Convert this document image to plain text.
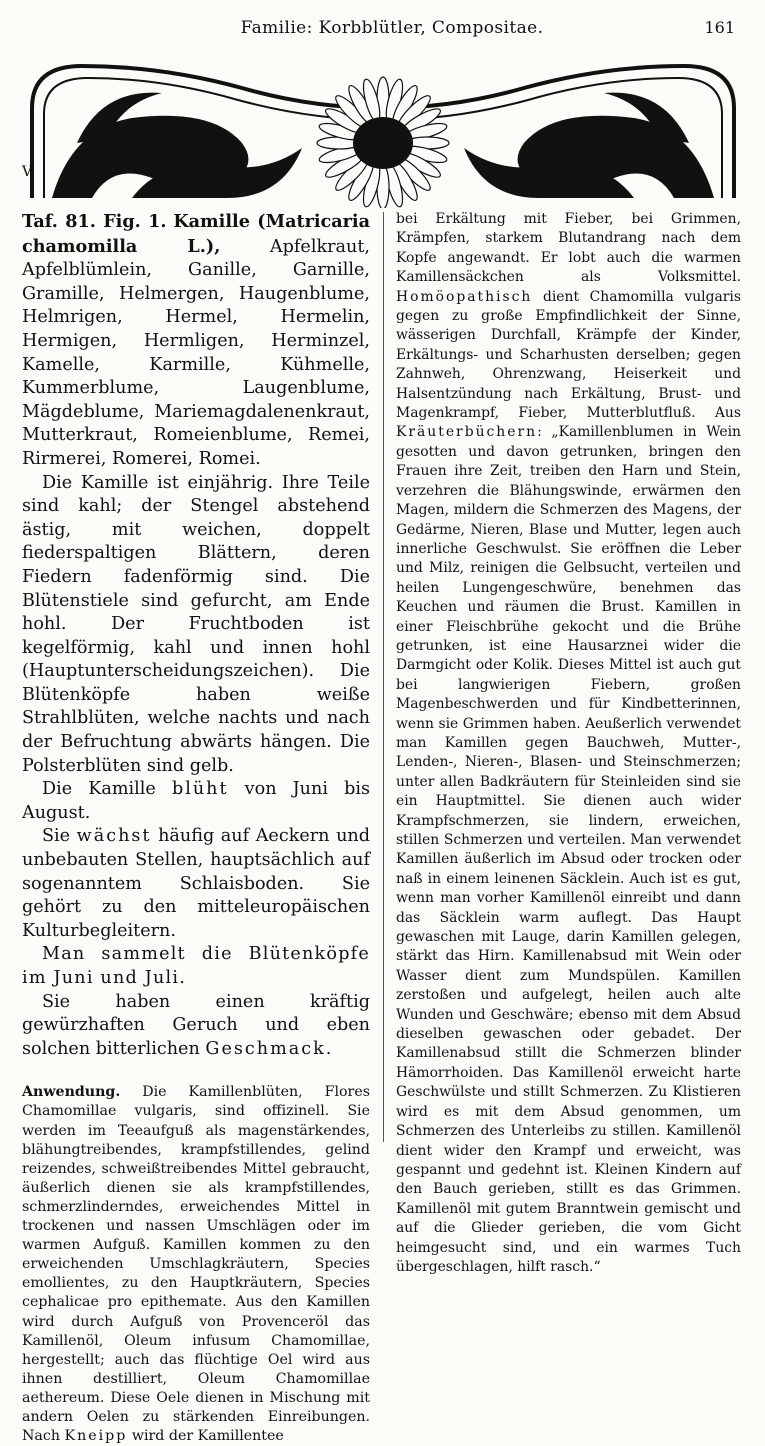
Familie: Korbblütler, Compositae.	161
V.

Taf. 81. Fig. 1. Kamille (Matricaria chamomilla L.),	Apfelkraut, Apfelblümlein, Ganille, Garnille, Gramille, Helmergen, Haugenblume, Helmrigen, Hermel, Hermelin, Hermigen, Hermligen, Herminzel, Kamelle, Karmille, Kühmelle, Kummerblume, Laugenblume, Mägdeblume, Mariemagdalenenkraut, Mutterkraut, Romeienblume, Remei, Rirmerei, Romerei, Romei.

Die Kamille ist einjährig. Ihre Teile sind kahl; der Stengel abstehend ästig, mit weichen, doppelt fiederspaltigen Blättern, deren Fiedern fadenförmig sind. Die Blütenstiele sind gefurcht, am Ende hohl. Der Fruchtboden ist kegelförmig, kahl und innen hohl (Hauptunterscheidungszeichen). Die Blütenköpfe haben weiße Strahlblüten, welche nachts und nach der Befruchtung abwärts hängen. Die Polsterblüten sind gelb.

Die Kamille blüht von Juni bis August.

Sie wächst häufig auf Aeckern und unbebauten Stellen, hauptsächlich auf sogenanntem Schlaisboden. Sie gehört zu den mitteleuropäischen Kulturbegleitern.

Man sammelt die Blütenköpfe im Juni und Juli.

Sie haben einen kräftig gewürzhaften Geruch und eben solchen bitterlichen Geschmack.

Anwendung. Die Kamillenblüten, Flores Chamomillae vulgaris, sind offizinell. Sie werden im Teeaufguß als magenstärkendes, blähungtreibendes, krampfstillendes, gelind reizendes, schweißtreibendes Mittel gebraucht, äußerlich dienen sie als krampfstillendes, schmerzlinderndes, erweichendes Mittel in trockenen und nassen Umschlägen oder im warmen Aufguß. Kamillen kommen zu den erweichenden Umschlagkräutern, Species emollientes, zu den Hauptkräutern, Species cephalicae pro epithemate. Aus den Kamillen wird durch Aufguß von Provenceröl das Kamillenöl, Oleum infusum Chamomillae, hergestellt; auch das flüchtige Oel wird aus ihnen destilliert, Oleum Chamomillae aethereum. Diese Oele dienen in Mischung mit andern Oelen zu stärkenden Einreibungen. Nach Kneipp wird der Kamillentee

bei Erkältung mit Fieber, bei Grimmen, Krämpfen, starkem Blutandrang nach dem Kopfe angewandt. Er lobt auch die warmen Kamillensäckchen als Volksmittel. Homöopathisch dient Chamomilla vulgaris gegen zu große Empfindlichkeit der Sinne, wässerigen Durchfall, Krämpfe der Kinder, Erkältungs- und Scharhusten derselben; gegen Zahnweh, Ohrenzwang, Heiserkeit und Halsentzündung nach Erkältung, Brust- und Magenkrampf, Fieber, Mutterblutfluß. Aus Kräuterbüchern: „Kamillenblumen in Wein gesotten und davon getrunken, bringen den Frauen ihre Zeit, treiben den Harn und Stein, verzehren die Blähungswinde, erwärmen den Magen, mildern die Schmerzen des Magens, der Gedärme, Nieren, Blase und Mutter, legen auch innerliche Geschwulst. Sie eröffnen die Leber und Milz, reinigen die Gelbsucht, verteilen und heilen Lungengeschwüre, benehmen das Keuchen und räumen die Brust. Kamillen in einer Fleischbrühe gekocht und die Brühe getrunken, ist eine Hausarznei wider die Darmgicht oder Kolik. Dieses Mittel ist auch gut bei langwierigen Fiebern, großen Magenbeschwerden und für Kindbetterinnen, wenn sie Grimmen haben. Aeußerlich verwendet man Kamillen gegen Bauchweh, Mutter-, Lenden-, Nieren-, Blasen- und Steinschmerzen; unter allen Badkräutern für Steinleiden sind sie ein Hauptmittel. Sie dienen auch wider Krampfschmerzen, sie lindern, erweichen, stillen Schmerzen und verteilen. Man verwendet Kamillen äußerlich im Absud oder trocken oder naß in einem leinenen Säcklein. Auch ist es gut, wenn man vorher Kamillenöl einreibt und dann das Säcklein warm auflegt. Das Haupt gewaschen mit Lauge, darin Kamillen gelegen, stärkt das Hirn. Kamillenabsud mit Wein oder Wasser dient zum Mundspülen. Kamillen zerstoßen und aufgelegt, heilen auch alte Wunden und Geschwäre; ebenso mit dem Absud dieselben gewaschen oder gebadet. Der Kamillenabsud stillt die Schmerzen blinder Hämorrhoiden. Das Kamillenöl erweicht harte Geschwülste und stillt Schmerzen. Zu Klistieren wird es mit dem Absud genommen, um Schmerzen des Unterleibs zu stillen. Kamillenöl dient wider den Krampf und erweicht, was gespannt und gedehnt ist. Kleinen Kindern auf den Bauch gerieben, stillt es das Grimmen. Kamillenöl mit gutem Branntwein gemischt und auf die Glieder gerieben, die vom Gicht heimgesucht sind, und ein warmes Tuch übergeschlagen, hilft rasch.“
